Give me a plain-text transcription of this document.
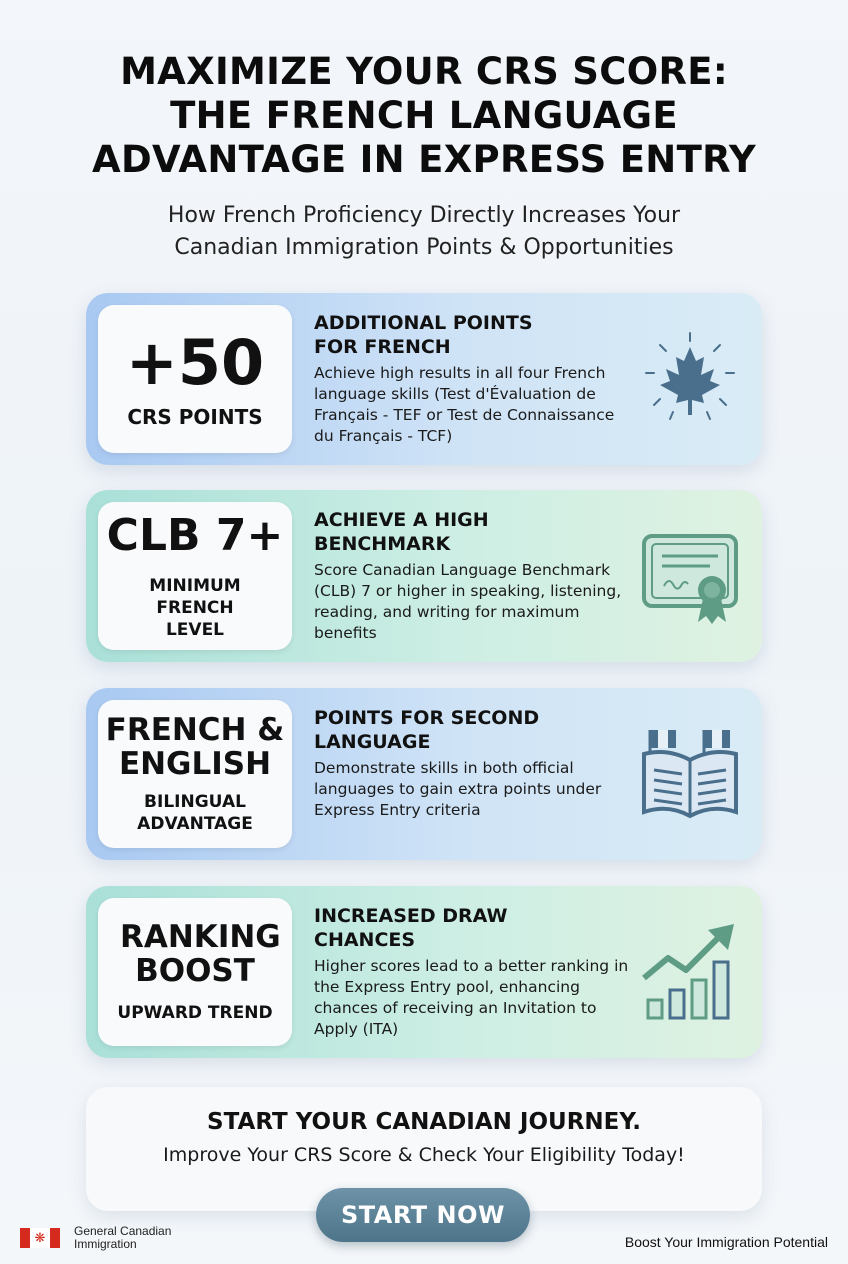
MAXIMIZE YOUR CRS SCORE:
THE FRENCH LANGUAGE
ADVANTAGE IN EXPRESS ENTRY
How French Proficiency Directly Increases Your
Canadian Immigration Points & Opportunities
+50
CRS POINTS
ADDITIONAL POINTS FOR FRENCH
Achieve high results in all four French language skills (Test d'Évaluation de Français - TEF or Test de Connaissance du Français - TCF)
CLB 7+
MINIMUM FRENCH LEVEL
ACHIEVE A HIGH BENCHMARK
Score Canadian Language Benchmark (CLB) 7 or higher in speaking, listening, reading, and writing for maximum benefits
FRENCH & ENGLISH
BILINGUAL ADVANTAGE
POINTS FOR SECOND LANGUAGE
Demonstrate skills in both official languages to gain extra points under Express Entry criteria
RANKING BOOST
UPWARD TREND
INCREASED DRAW CHANCES
Higher scores lead to a better ranking in the Express Entry pool, enhancing chances of receiving an Invitation to Apply (ITA)
START YOUR CANADIAN JOURNEY.
Improve Your CRS Score & Check Your Eligibility Today!
START NOW
❋	General Canadian
Immigration	Boost Your Immigration Potential
